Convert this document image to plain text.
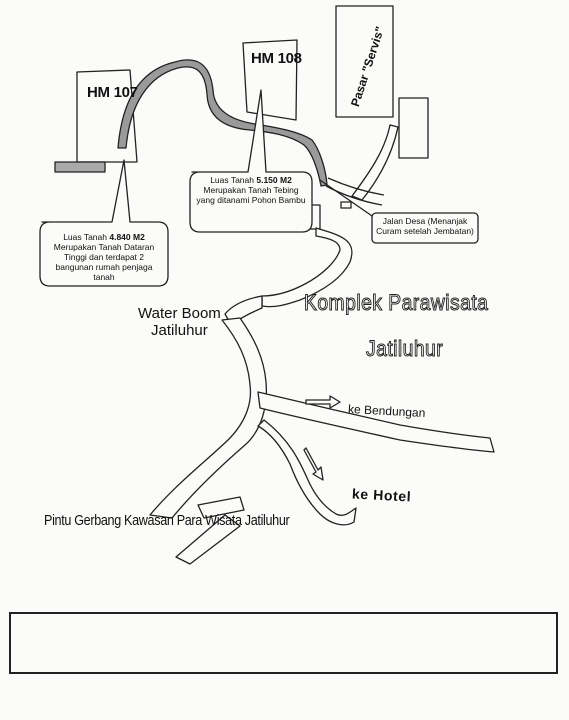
HM 107
HM 108	Pasar "Servis"
Luas Tanah 4.840 M2
Merupakan Tanah Dataran Tinggi dan terdapat 2 bangunan rumah penjaga tanah
Luas Tanah 5.150 M2
Merupakan Tanah Tebing yang ditanami Pohon Bambu
Jalan Desa (Menanjak Curam setelah Jembatan)
Water Boom
Jatiluhur
Komplek Parawisata
Jatiluhur
ke Bendungan
ke Hotel
Pintu Gerbang Kawasan Para Wisata Jatiluhur
